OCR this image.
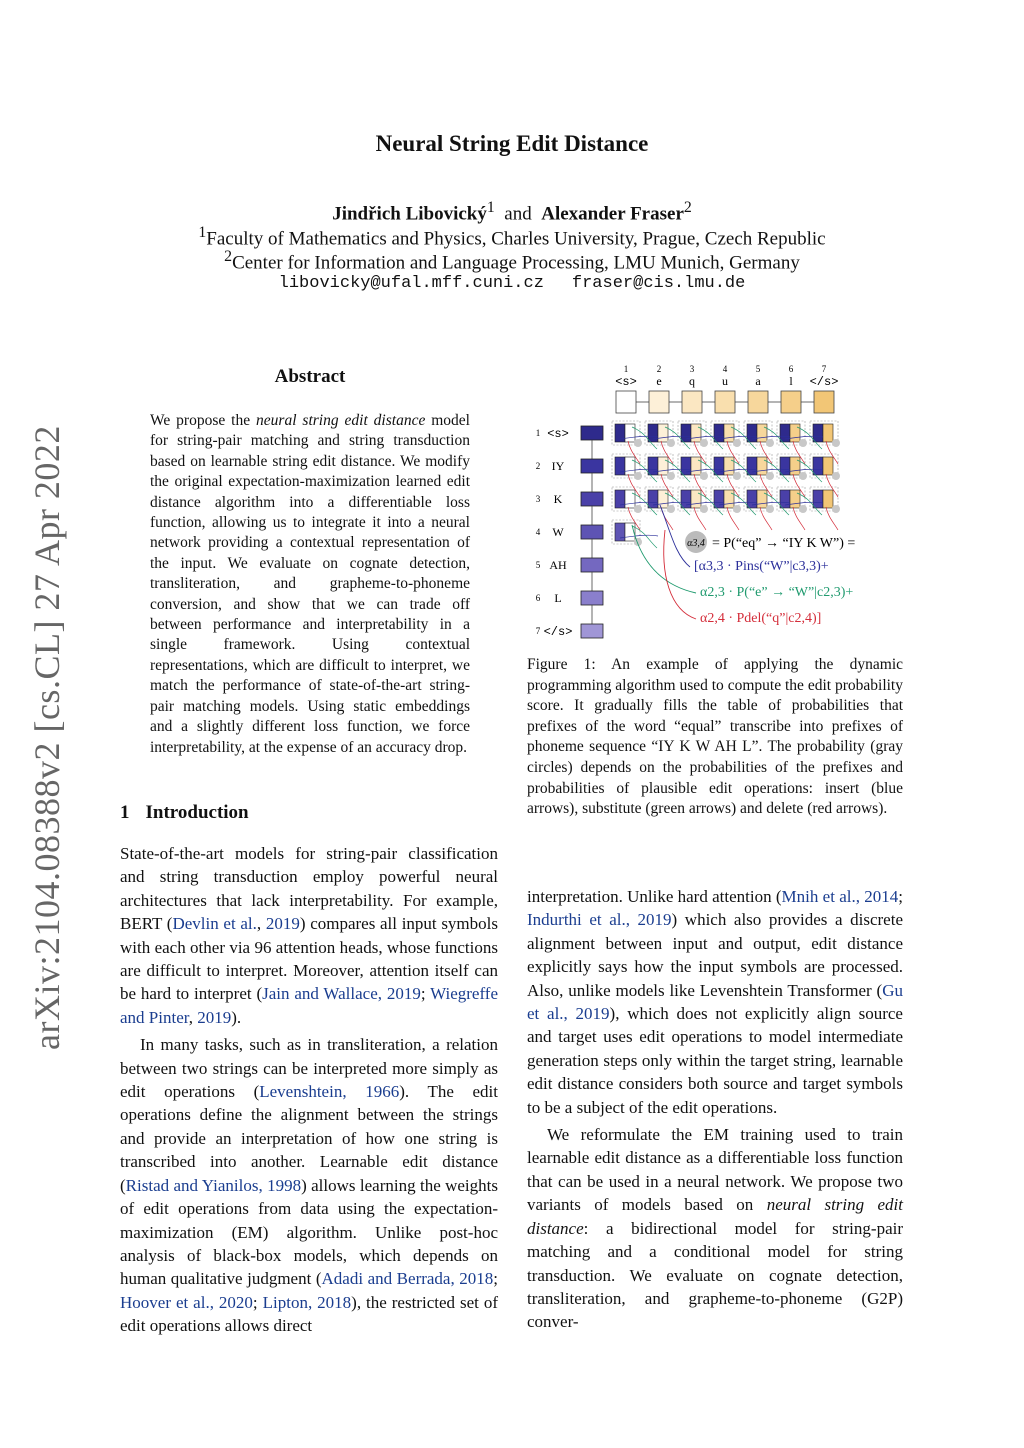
Neural String Edit Distance
Jindřich Libovický$^1$ and Alexander Fraser$^2$
$^1$Faculty of Mathematics and Physics, Charles University, Prague, Czech Republic
$^2$Center for Information and Language Processing, LMU Munich, Germany
libovicky@ufal.mff.cuni.cz fraser@cis.lmu.de
arXiv:2104.08388v2 [cs.CL] 27 Apr 2022
Abstract
We propose the neural string edit distance model for string-pair matching and string transduction based on learnable string edit distance. We modify the original expectation-maximization learned edit distance algorithm into a differentiable loss function, allowing us to integrate it into a neural network providing a contextual representation of the input. We evaluate on cognate detection, transliteration, and grapheme-to-phoneme conversion, and show that we can trade off between performance and interpretability in a single framework. Using contextual representations, which are difficult to interpret, we match the performance of state-of-the-art string-pair matching models. Using static embeddings and a slightly different loss function, we force interpretability, at the expense of an accuracy drop.
1 Introduction

State-of-the-art models for string-pair classification and string transduction employ powerful neural architectures that lack interpretability. For example, BERT (Devlin et al., 2019) compares all input symbols with each other via 96 attention heads, whose functions are difficult to interpret. Moreover, attention itself can be hard to interpret (Jain and Wallace, 2019; Wiegreffe and Pinter, 2019).

In many tasks, such as in transliteration, a relation between two strings can be interpreted more simply as edit operations (Levenshtein, 1966). The edit operations define the alignment between the strings and provide an interpretation of how one string is transcribed into another. Learnable edit distance (Ristad and Yianilos, 1998) allows learning the weights of edit operations from data using the expectation-maximization (EM) algorithm. Unlike post-hoc analysis of black-box models, which depends on human qualitative judgment (Adadi and Berrada, 2018; Hoover et al., 2020; Lipton, 2018), the restricted set of edit operations allows direct

1
<s>
2
e
3
q
4
u
5
a
6
l
7
</s>
1 <s>
2 IY
3 K
4 W
5 AH
6 L
7 </s>
α3,4 = P(“eq” → “IY K W”) =
[α3,3 · Pins(“W”|c3,3)+
α2,3 · P(“e” → “W”|c2,3)+
α2,4 · Pdel(“q”|c2,4)]
Figure 1: An example of applying the dynamic programming algorithm used to compute the edit probability score. It gradually fills the table of probabilities that prefixes of the word “equal” transcribe into prefixes of phoneme sequence “IY K W AH L”. The probability (gray circles) depends on the probabilities of the prefixes and probabilities of plausible edit operations: insert (blue arrows), substitute (green arrows) and delete (red arrows).

interpretation. Unlike hard attention (Mnih et al., 2014; Indurthi et al., 2019) which also provides a discrete alignment between input and output, edit distance explicitly says how the input symbols are processed. Also, unlike models like Levenshtein Transformer (Gu et al., 2019), which does not explicitly align source and target uses edit operations to model intermediate generation steps only within the target string, learnable edit distance considers both source and target symbols to be a subject of the edit operations.

We reformulate the EM training used to train learnable edit distance as a differentiable loss function that can be used in a neural network. We propose two variants of models based on neural string edit distance: a bidirectional model for string-pair matching and a conditional model for string transduction. We evaluate on cognate detection, transliteration, and grapheme-to-phoneme (G2P) conver-
